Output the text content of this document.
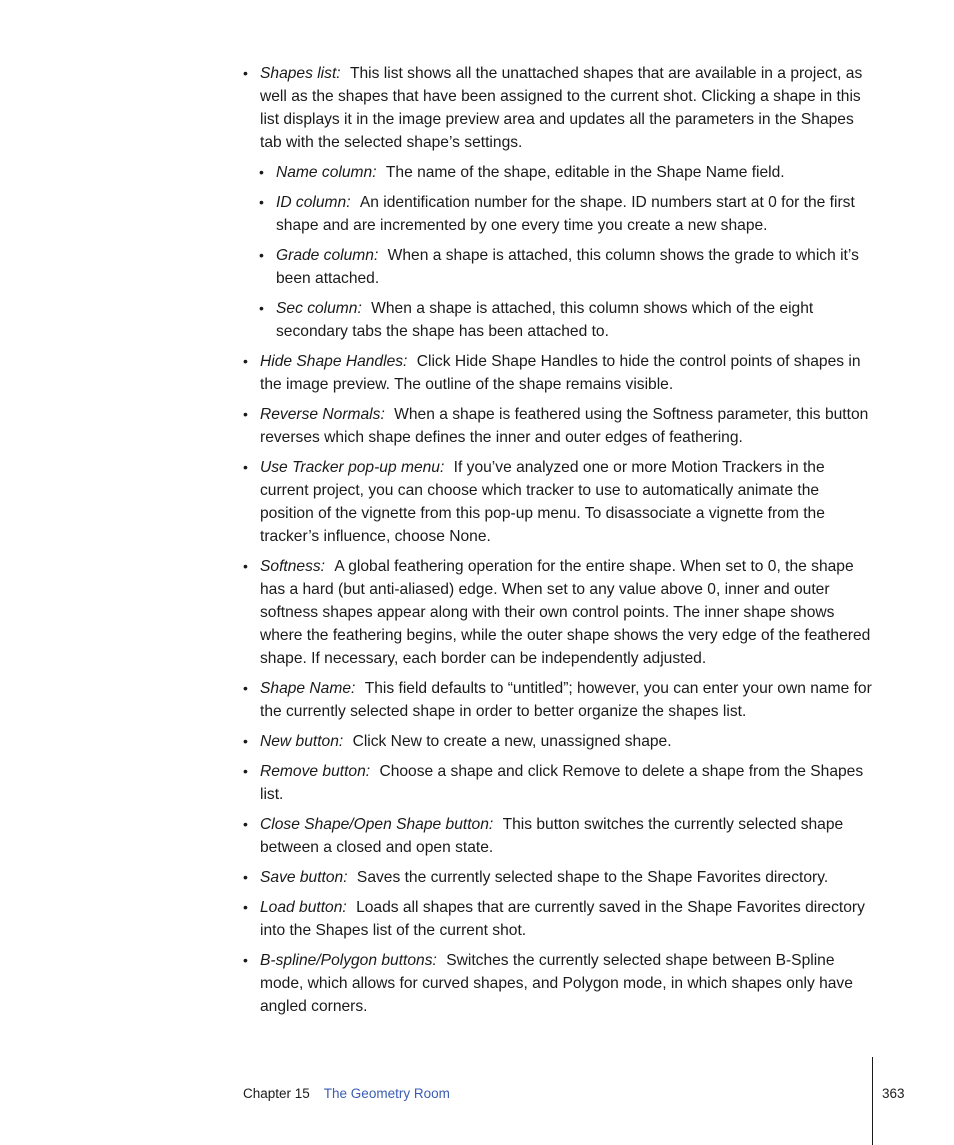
• Shapes list: This list shows all the unattached shapes that are available in a project, as well as the shapes that have been assigned to the current shot. Clicking a shape in this list displays it in the image preview area and updates all the parameters in the Shapes tab with the selected shape’s settings.
• Name column: The name of the shape, editable in the Shape Name field.
• ID column: An identification number for the shape. ID numbers start at 0 for the first shape and are incremented by one every time you create a new shape.
• Grade column: When a shape is attached, this column shows the grade to which it’s been attached.
• Sec column: When a shape is attached, this column shows which of the eight secondary tabs the shape has been attached to.
• Hide Shape Handles: Click Hide Shape Handles to hide the control points of shapes in the image preview. The outline of the shape remains visible.
• Reverse Normals: When a shape is feathered using the Softness parameter, this button reverses which shape defines the inner and outer edges of feathering.
• Use Tracker pop-up menu: If you’ve analyzed one or more Motion Trackers in the current project, you can choose which tracker to use to automatically animate the position of the vignette from this pop-up menu. To disassociate a vignette from the tracker’s influence, choose None.
• Softness: A global feathering operation for the entire shape. When set to 0, the shape has a hard (but anti-aliased) edge. When set to any value above 0, inner and outer softness shapes appear along with their own control points. The inner shape shows where the feathering begins, while the outer shape shows the very edge of the feathered shape. If necessary, each border can be independently adjusted.
• Shape Name: This field defaults to “untitled”; however, you can enter your own name for the currently selected shape in order to better organize the shapes list.
• New button: Click New to create a new, unassigned shape.
• Remove button: Choose a shape and click Remove to delete a shape from the Shapes list.
• Close Shape/Open Shape button: This button switches the currently selected shape between a closed and open state.
• Save button: Saves the currently selected shape to the Shape Favorites directory.
• Load button: Loads all shapes that are currently saved in the Shape Favorites directory into the Shapes list of the current shot.
• B-spline/Polygon buttons: Switches the currently selected shape between B-Spline mode, which allows for curved shapes, and Polygon mode, in which shapes only have angled corners.
Chapter 15 The Geometry Room	363
